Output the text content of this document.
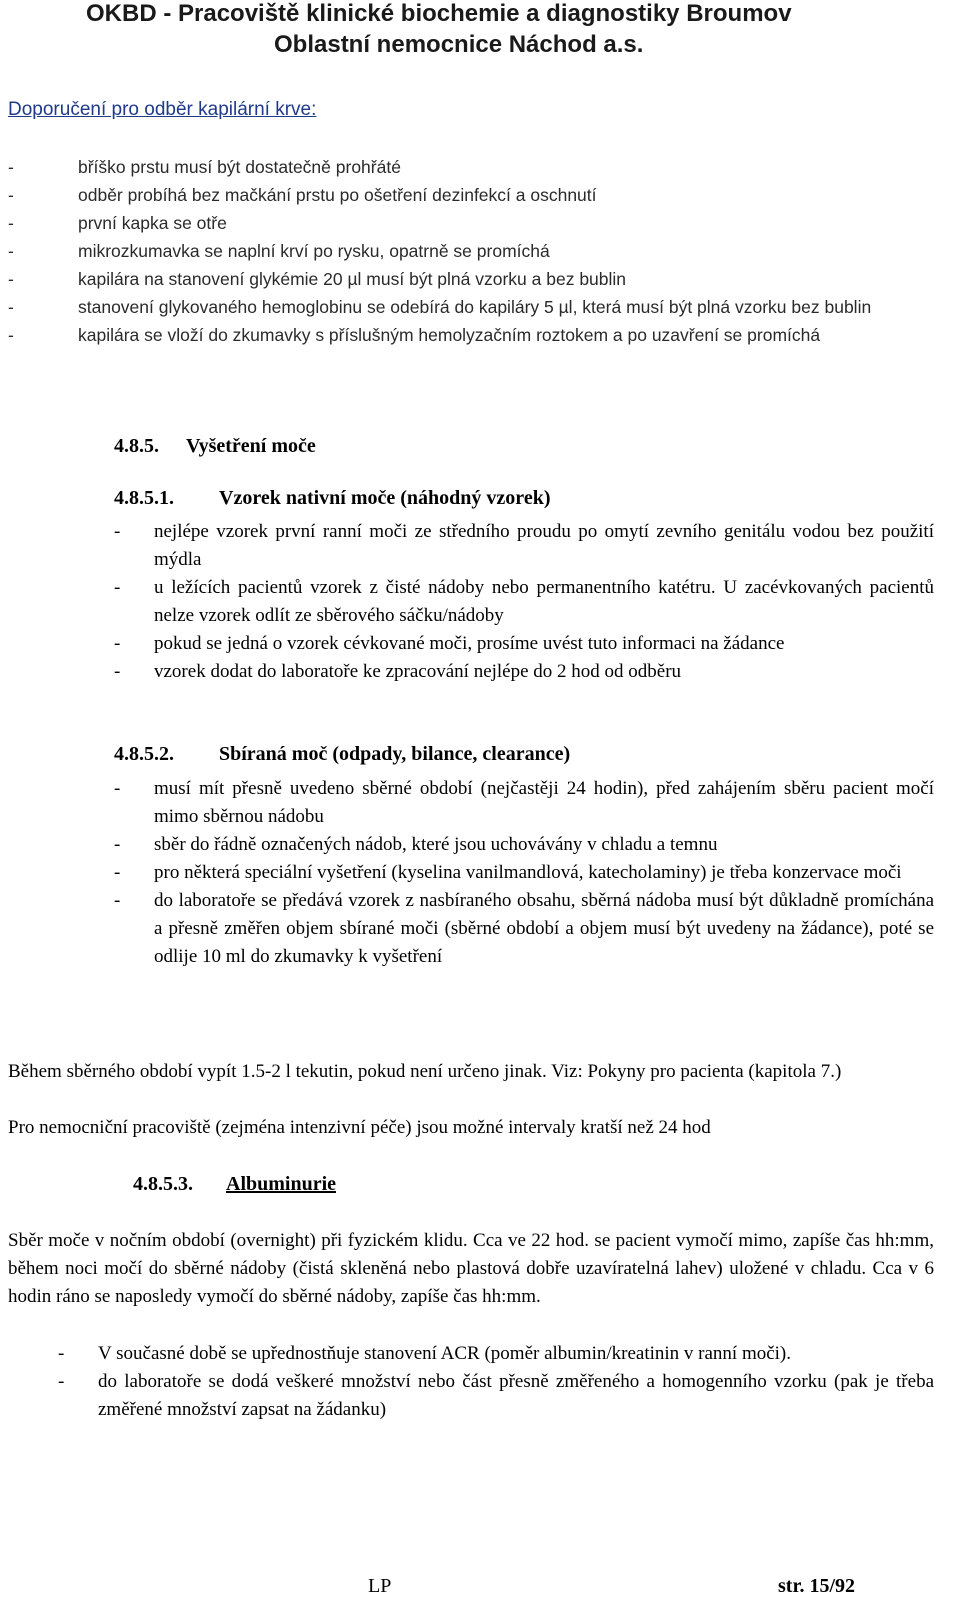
OKBD - Pracoviště klinické biochemie a diagnostiky Broumov
Oblastní nemocnice Náchod a.s.
Doporučení pro odběr kapilární krve:
-	bříško prstu musí být dostatečně prohřáté
-	odběr probíhá bez mačkání prstu po ošetření dezinfekcí a oschnutí
-	první kapka se otře
-	mikrozkumavka se naplní krví po rysku, opatrně se promíchá
-	kapilára na stanovení glykémie 20 µl musí být plná vzorku a bez bublin
-	stanovení glykovaného hemoglobinu se odebírá do kapiláry 5 µl, která musí být plná vzorku bez bublin
-	kapilára se vloží do zkumavky s příslušným hemolyzačním roztokem a po uzavření se promíchá
4.8.5. Vyšetření moče
4.8.5.1. Vzorek nativní moče (náhodný vzorek)
- nejlépe vzorek první ranní moči ze středního proudu po omytí zevního genitálu vodou bez použití mýdla
- u ležících pacientů vzorek z čisté nádoby nebo permanentního katétru. U zacévkovaných pacientů nelze vzorek odlít ze sběrového sáčku/nádoby
- pokud se jedná o vzorek cévkované moči, prosíme uvést tuto informaci na žádance
- vzorek dodat do laboratoře ke zpracování nejlépe do 2 hod od odběru
4.8.5.2. Sbíraná moč (odpady, bilance, clearance)
- musí mít přesně uvedeno sběrné období (nejčastěji 24 hodin), před zahájením sběru pacient močí mimo sběrnou nádobu
- sběr do řádně označených nádob, které jsou uchovávány v chladu a temnu
- pro některá speciální vyšetření (kyselina vanilmandlová, katecholaminy) je třeba konzervace moči
- do laboratoře se předává vzorek z nasbíraného obsahu, sběrná nádoba musí být důkladně promíchána a přesně změřen objem sbírané moči (sběrné období a objem musí být uvedeny na žádance), poté se odlije 10 ml do zkumavky k vyšetření
Během sběrného období vypít 1.5-2 l tekutin, pokud není určeno jinak. Viz: Pokyny pro pacienta (kapitola 7.)
Pro nemocniční pracoviště (zejména intenzivní péče) jsou možné intervaly kratší než 24 hod
4.8.5.3. Albuminurie
Sběr moče v nočním období (overnight) při fyzickém klidu. Cca ve 22 hod. se pacient vymočí mimo, zapíše čas hh:mm, během noci močí do sběrné nádoby (čistá skleněná nebo plastová dobře uzavíratelná lahev) uložené v chladu. Cca v 6 hodin ráno se naposledy vymočí do sběrné nádoby, zapíše čas hh:mm.
- V současné době se upřednostňuje stanovení ACR (poměr albumin/kreatinin v ranní moči).
- do laboratoře se dodá veškeré množství nebo část přesně změřeného a homogenního vzorku (pak je třeba změřené množství zapsat na žádanku)
LP	str. 15/92
